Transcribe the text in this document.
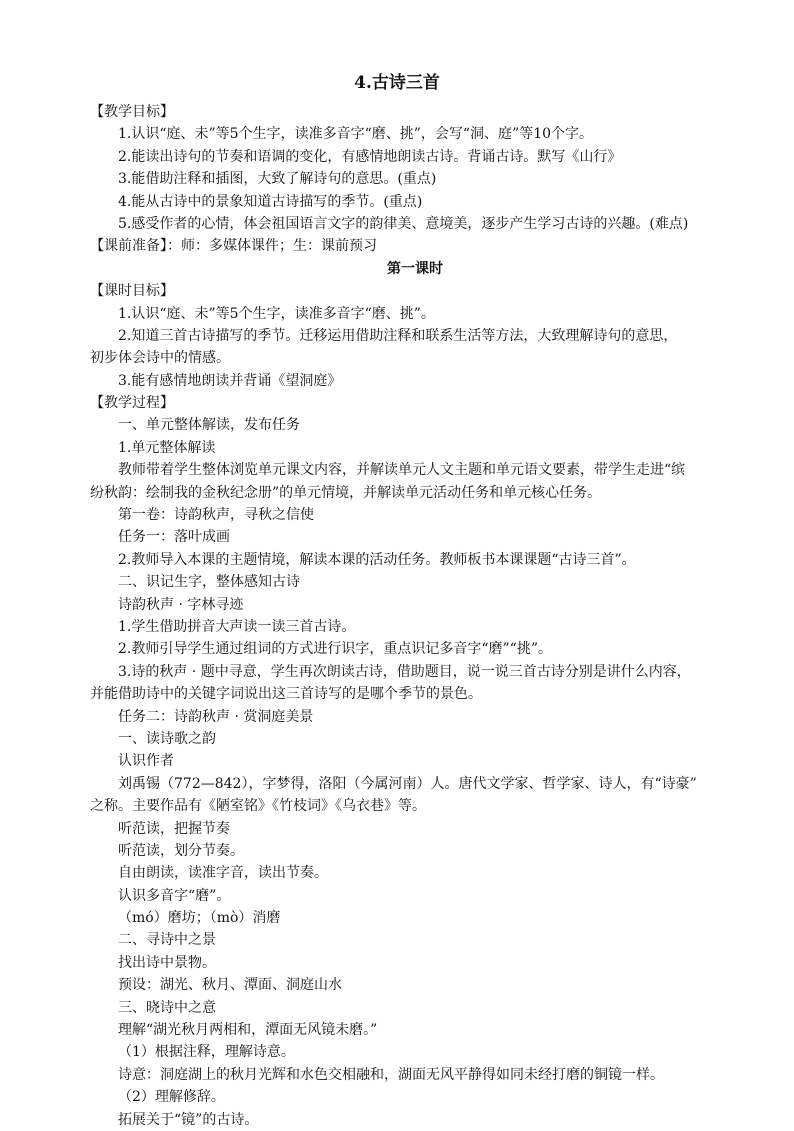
4.古诗三首
【教学目标】
1.认识“庭、未”等5个生字，读准多音字“磨、挑”，会写“洞、庭”等10个字。
2.能读出诗句的节奏和语调的变化，有感情地朗读古诗。背诵古诗。默写《山行》
3.能借助注释和插图，大致了解诗句的意思。(重点)
4.能从古诗中的景象知道古诗描写的季节。(重点)
5.感受作者的心情，体会祖国语言文字的韵律美、意境美，逐步产生学习古诗的兴趣。(难点)
【课前准备】：师：多媒体课件；生：课前预习
第一课时
【课时目标】
1.认识“庭、未”等5个生字，读准多音字“磨、挑”。
2.知道三首古诗描写的季节。迁移运用借助注释和联系生活等方法，大致理解诗句的意思，
初步体会诗中的情感。
3.能有感情地朗读并背诵《望洞庭》
【教学过程】
一、单元整体解读，发布任务
1.单元整体解读
教师带着学生整体浏览单元课文内容，并解读单元人文主题和单元语文要素，带学生走进“缤
纷秋韵：绘制我的金秋纪念册”的单元情境，并解读单元活动任务和单元核心任务。
第一卷：诗韵秋声，寻秋之信使
任务一：落叶成画
2.教师导入本课的主题情境，解读本课的活动任务。教师板书本课课题“古诗三首”。
二、识记生字，整体感知古诗
诗韵秋声 · 字林寻迹
1.学生借助拼音大声读一读三首古诗。
2.教师引导学生通过组词的方式进行识字，重点识记多音字“磨”“挑”。
3.诗的秋声 · 题中寻意，学生再次朗读古诗，借助题目，说一说三首古诗分别是讲什么内容，
并能借助诗中的关键字词说出这三首诗写的是哪个季节的景色。
任务二：诗韵秋声 · 赏洞庭美景
一、读诗歌之韵
认识作者
刘禹锡（772—842），字梦得，洛阳（今属河南）人。唐代文学家、哲学家、诗人，有“诗豪”
之称。主要作品有《陋室铭》《竹枝词》《乌衣巷》等。
听范读，把握节奏
听范读，划分节奏。
自由朗读，读准字音，读出节奏。
认识多音字“磨”。
（mó）磨坊；（mò）消磨
二、寻诗中之景
找出诗中景物。
预设：湖光、秋月、潭面、洞庭山水
三、晓诗中之意
理解“湖光秋月两相和，潭面无风镜未磨。”
（1）根据注释，理解诗意。
诗意：洞庭湖上的秋月光辉和水色交相融和，湖面无风平静得如同未经打磨的铜镜一样。
（2）理解修辞。
拓展关于“镜”的古诗。
